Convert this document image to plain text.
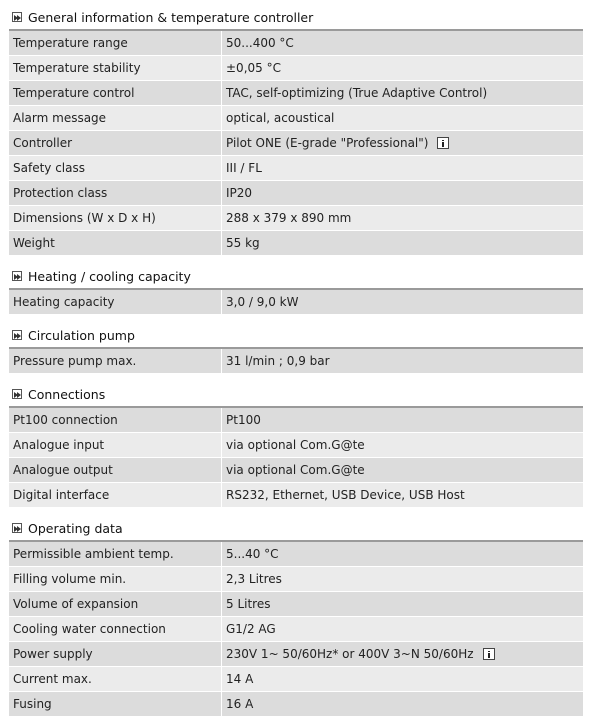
General information & temperature controller
Temperature range	50...400 °C
Temperature stability	±0,05 °C
Temperature control	TAC, self-optimizing (True Adaptive Control)
Alarm message	optical, acoustical
Controller	Pilot ONE (E-grade "Professional")
Safety class	III / FL
Protection class	IP20
Dimensions (W x D x H)	288 x 379 x 890 mm
Weight	55 kg
Heating / cooling capacity
Heating capacity	3,0 / 9,0 kW
Circulation pump
Pressure pump max.	31 l/min ; 0,9 bar
Connections
Pt100 connection	Pt100
Analogue input	via optional Com.G@te
Analogue output	via optional Com.G@te
Digital interface	RS232, Ethernet, USB Device, USB Host
Operating data
Permissible ambient temp.	5...40 °C
Filling volume min.	2,3 Litres
Volume of expansion	5 Litres
Cooling water connection	G1/2 AG
Power supply	230V 1~ 50/60Hz* or 400V 3~N 50/60Hz
Current max.	14 A
Fusing	16 A
